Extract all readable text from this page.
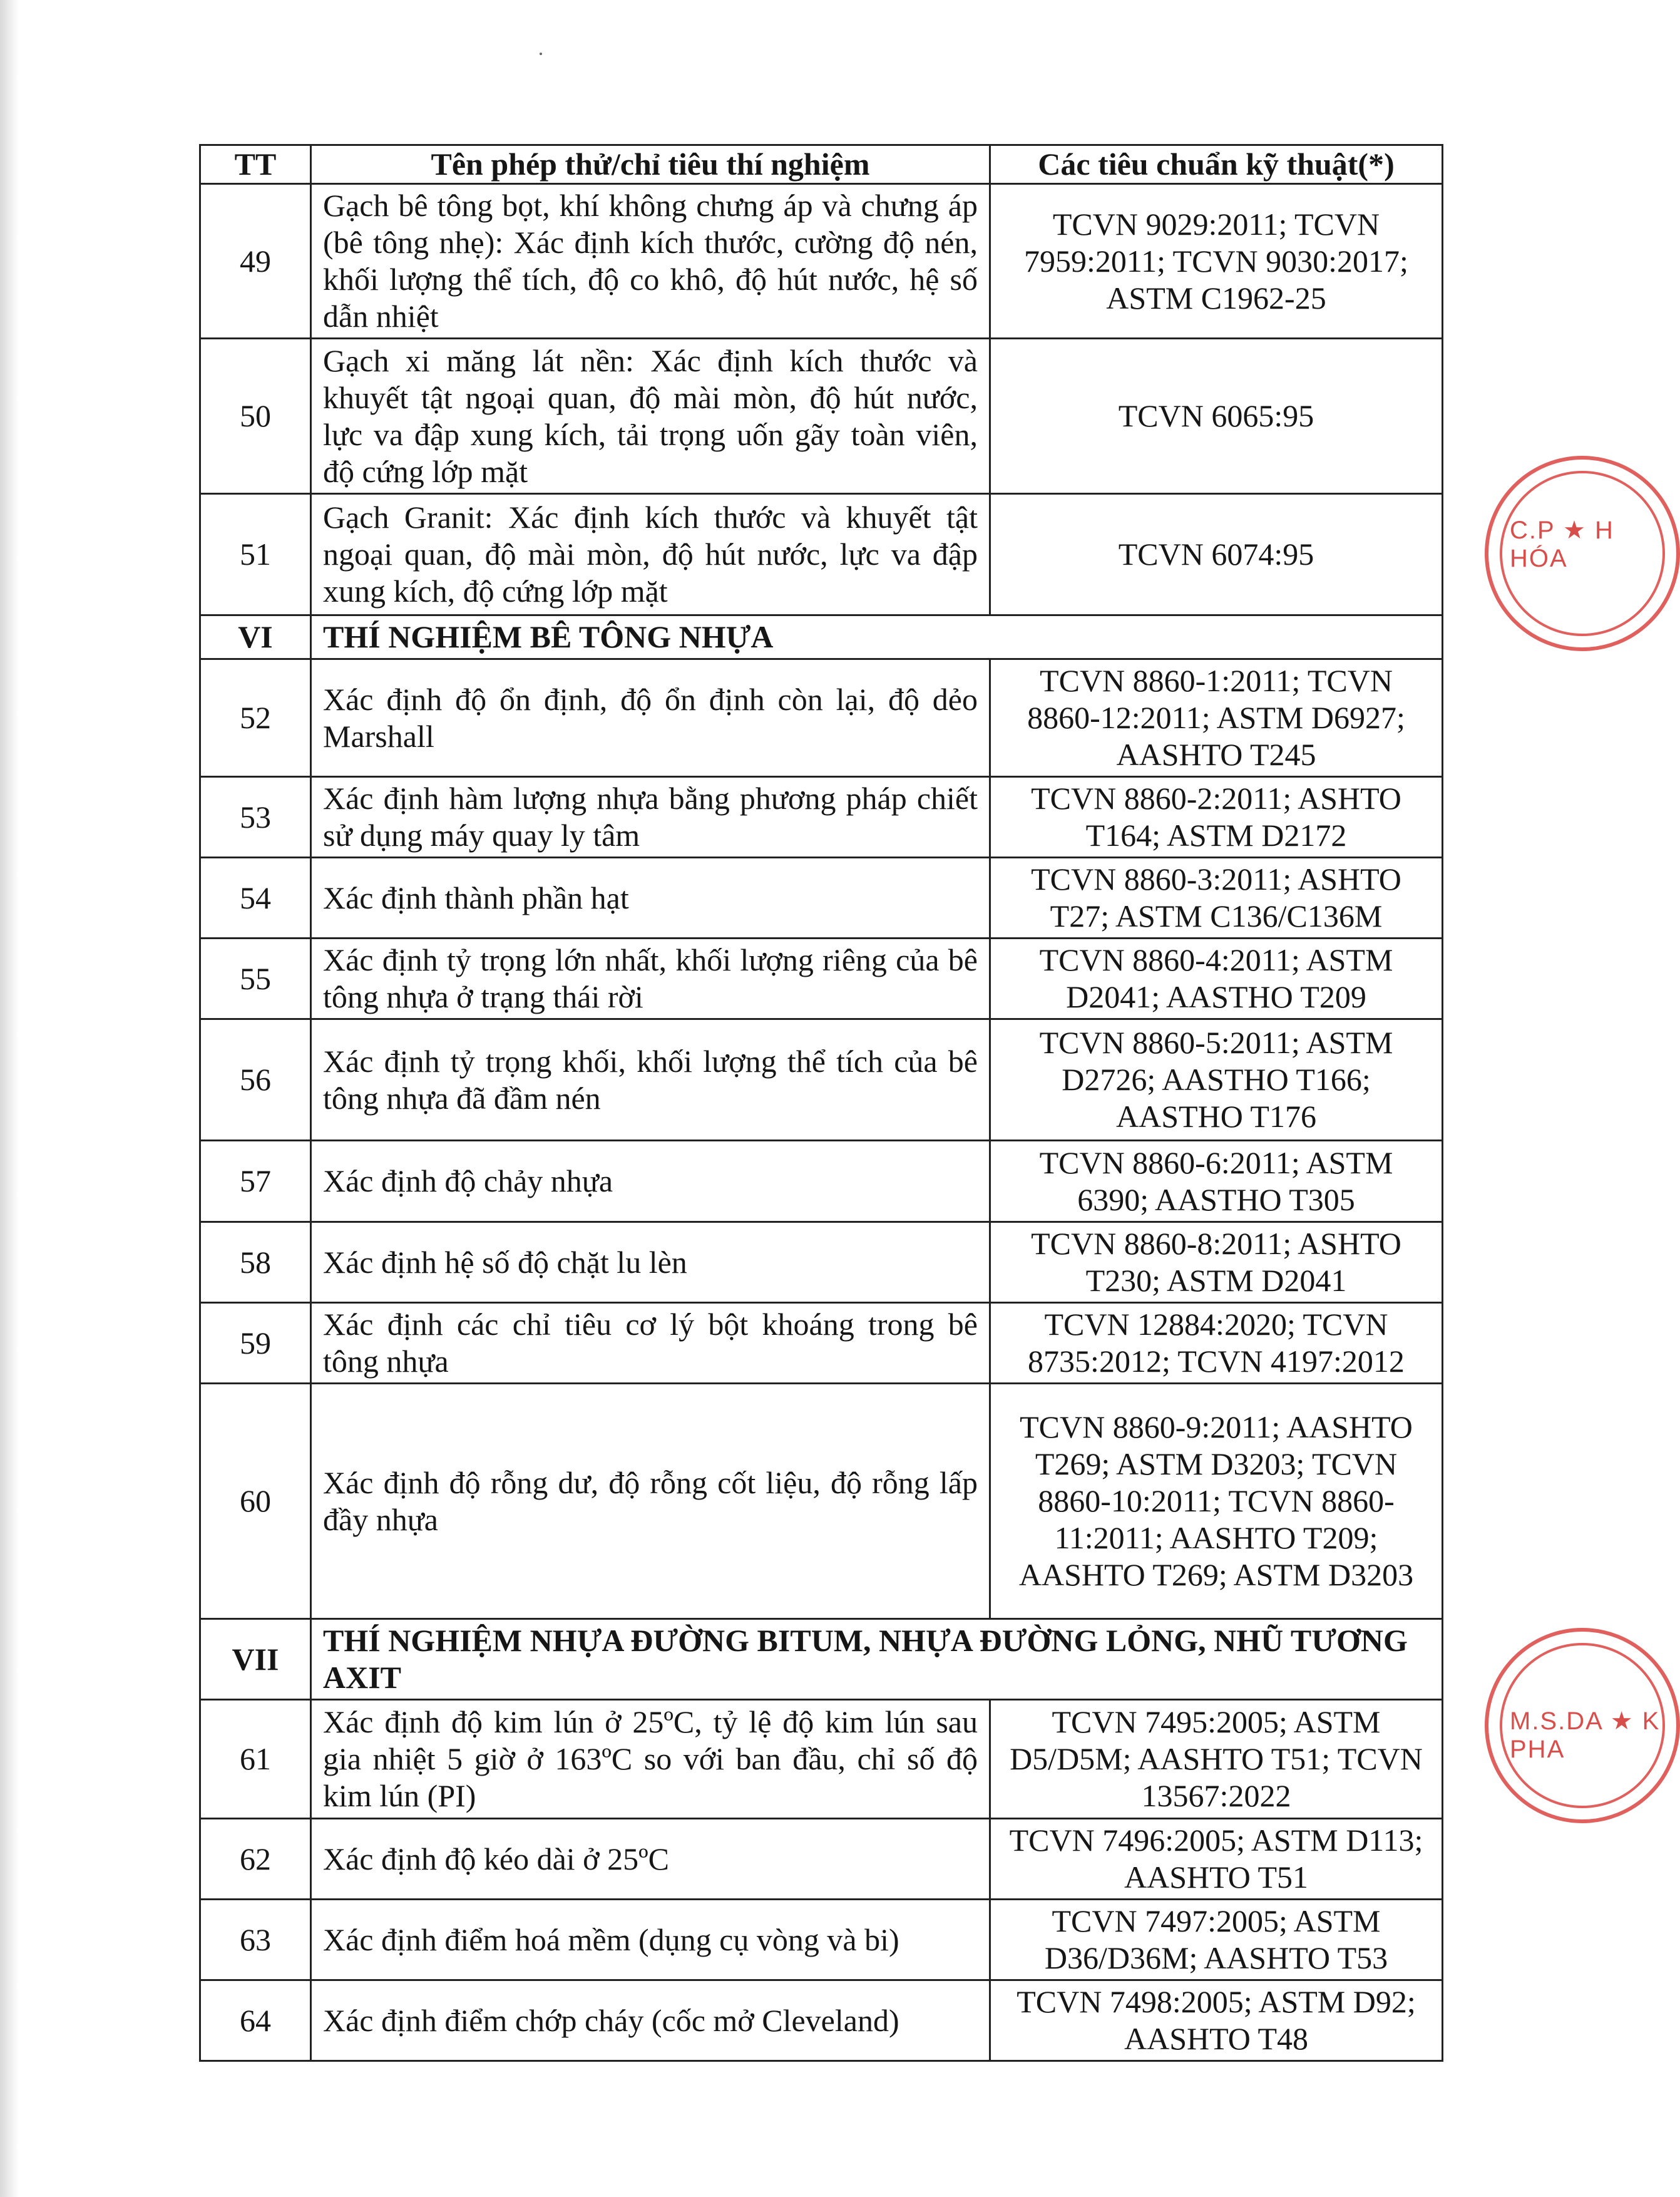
TT	Tên phép thử/chỉ tiêu thí nghiệm	Các tiêu chuẩn kỹ thuật(*)
49	Gạch bê tông bọt, khí không chưng áp và chưng áp (bê tông nhẹ): Xác định kích thước, cường độ nén, khối lượng thể tích, độ co khô, độ hút nước, hệ số dẫn nhiệt	TCVN 9029:2011; TCVN 7959:2011; TCVN 9030:2017; ASTM C1962-25
50	Gạch xi măng lát nền: Xác định kích thước và khuyết tật ngoại quan, độ mài mòn, độ hút nước, lực va đập xung kích, tải trọng uốn gãy toàn viên, độ cứng lớp mặt	TCVN 6065:95
51	Gạch Granit: Xác định kích thước và khuyết tật ngoại quan, độ mài mòn, độ hút nước, lực va đập xung kích, độ cứng lớp mặt	TCVN 6074:95
VI	THÍ NGHIỆM BÊ TÔNG NHỰA	
52	Xác định độ ổn định, độ ổn định còn lại, độ dẻo Marshall	TCVN 8860-1:2011; TCVN 8860-12:2011; ASTM D6927; AASHTO T245
53	Xác định hàm lượng nhựa bằng phương pháp chiết sử dụng máy quay ly tâm	TCVN 8860-2:2011; ASHTO T164; ASTM D2172
54	Xác định thành phần hạt	TCVN 8860-3:2011; ASHTO T27; ASTM C136/C136M
55	Xác định tỷ trọng lớn nhất, khối lượng riêng của bê tông nhựa ở trạng thái rời	TCVN 8860-4:2011; ASTM D2041; AASTHO T209
56	Xác định tỷ trọng khối, khối lượng thể tích của bê tông nhựa đã đầm nén	TCVN 8860-5:2011; ASTM D2726; AASTHO T166; AASTHO T176
57	Xác định độ chảy nhựa	TCVN 8860-6:2011; ASTM 6390; AASTHO T305
58	Xác định hệ số độ chặt lu lèn	TCVN 8860-8:2011; ASHTO T230; ASTM D2041
59	Xác định các chỉ tiêu cơ lý bột khoáng trong bê tông nhựa	TCVN 12884:2020; TCVN 8735:2012; TCVN 4197:2012
60	Xác định độ rỗng dư, độ rỗng cốt liệu, độ rỗng lấp đầy nhựa	TCVN 8860-9:2011; AASHTO T269; ASTM D3203; TCVN 8860-10:2011; TCVN 8860-11:2011; AASHTO T209; AASHTO T269; ASTM D3203
VII	THÍ NGHIỆM NHỰA ĐƯỜNG BITUM, NHỰA ĐƯỜNG LỎNG, NHŨ TƯƠNG AXIT	
61	Xác định độ kim lún ở 25ºC, tỷ lệ độ kim lún sau gia nhiệt 5 giờ ở 163ºC so với ban đầu, chỉ số độ kim lún (PI)	TCVN 7495:2005; ASTM D5/D5M; AASHTO T51; TCVN 13567:2022
62	Xác định độ kéo dài ở 25ºC	TCVN 7496:2005; ASTM D113; AASHTO T51
63	Xác định điểm hoá mềm (dụng cụ vòng và bi)	TCVN 7497:2005; ASTM D36/D36M; AASHTO T53
64	Xác định điểm chớp cháy (cốc mở Cleveland)	TCVN 7498:2005; ASTM D92; AASHTO T48
C.P ★ H HÓA
M.S.DA ★ K PHA
